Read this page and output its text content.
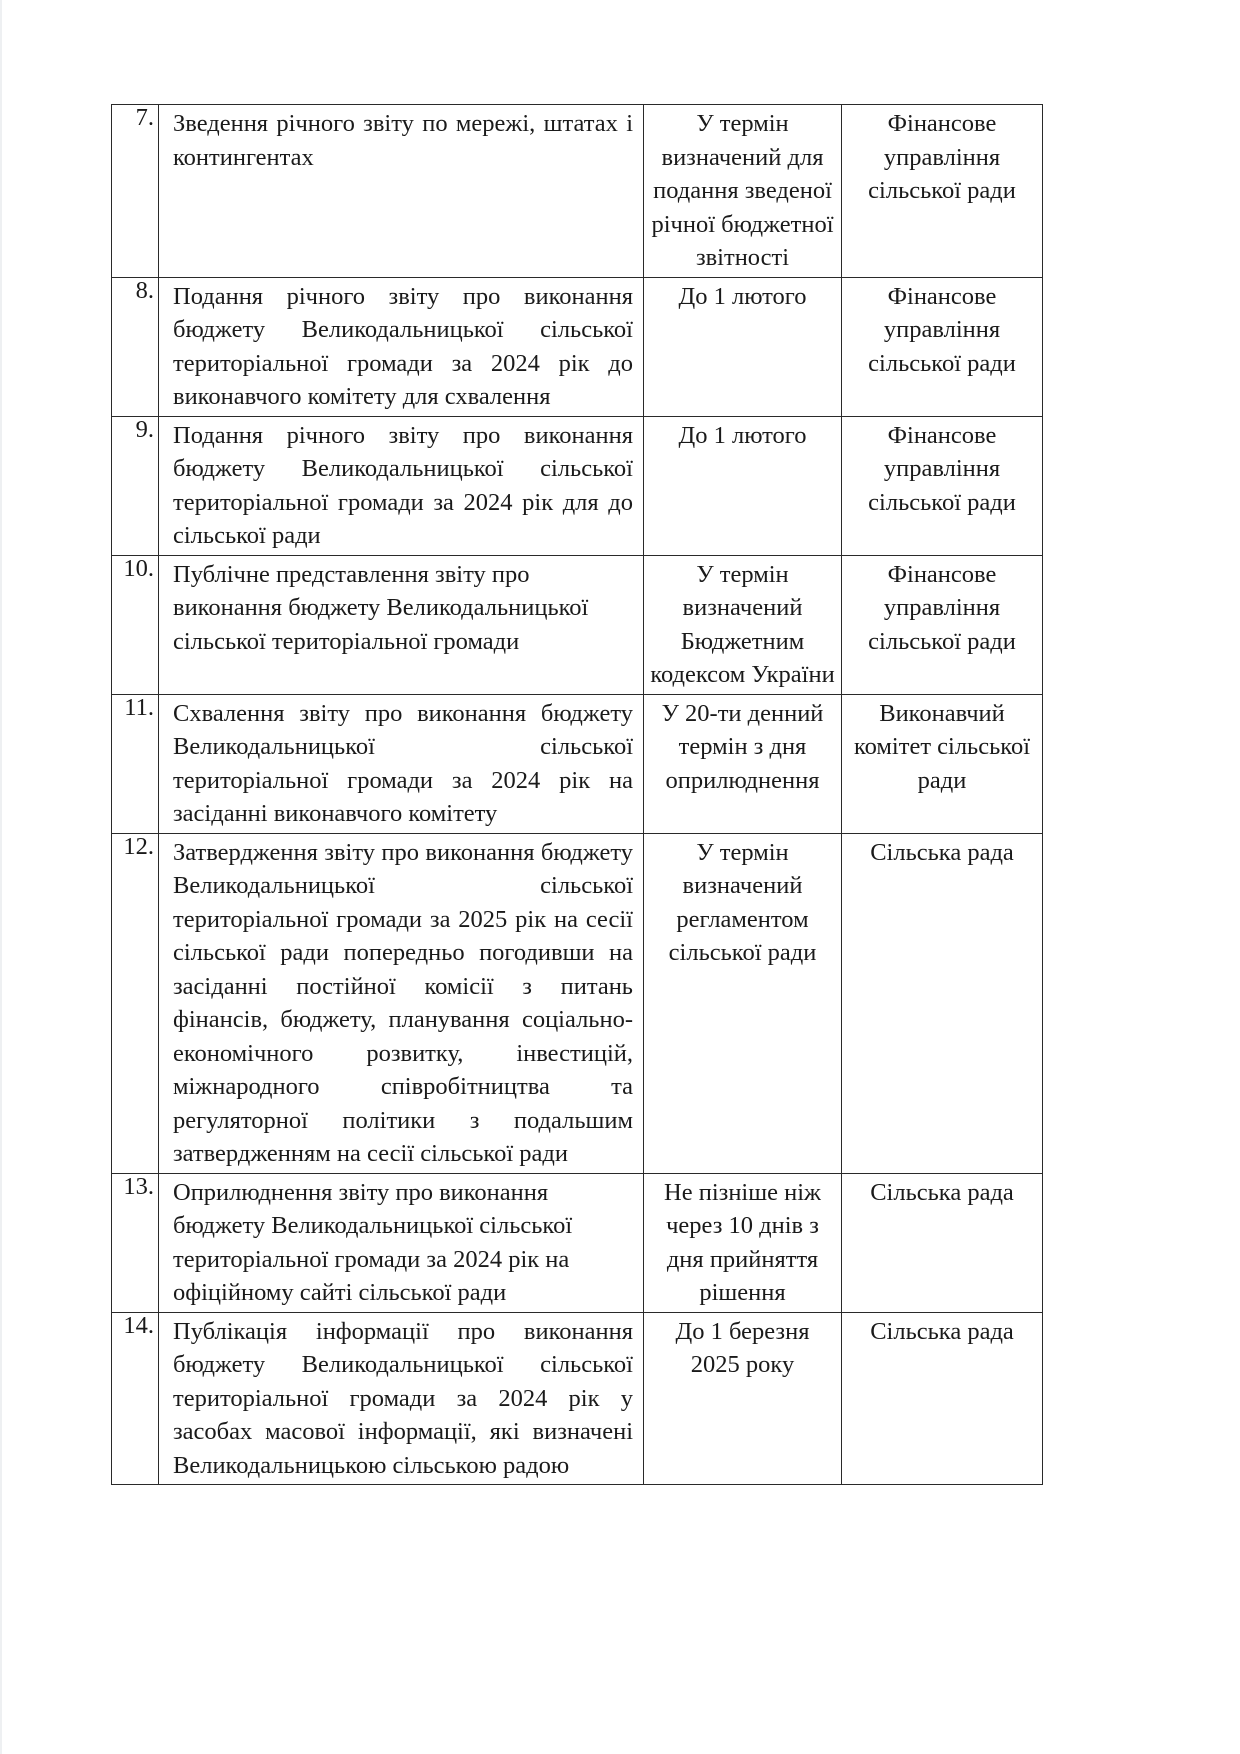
7.	Зведення річного звіту по мережі, штатах і контингентах	У термін визначений для подання зведеної річної бюджетної звітності	Фінансове управління сільської ради
8.	Подання річного звіту про виконання бюджету Великодальницької сільської територіальної громади за 2024 рік до виконавчого комітету для схвалення	До 1 лютого	Фінансове управління сільської ради
9.	Подання річного звіту про виконання бюджету Великодальницької сільської територіальної громади за 2024 рік для до сільської ради	До 1 лютого	Фінансове управління сільської ради
10.	Публічне представлення звіту про виконання бюджету Великодальницької сільської територіальної громади	У термін визначений Бюджетним кодексом України	Фінансове управління сільської ради
11.	Схвалення звіту про виконання бюджету Великодальницької сільської територіальної громади за 2024 рік на засіданні виконавчого комітету	У 20-ти денний термін з дня оприлюднення	Виконавчий комітет сільської ради
12.	Затвердження звіту про виконання бюджету Великодальницької сільської територіальної громади за 2025 рік на сесії сільської ради попередньо погодивши на засіданні постійної комісії з питань фінансів, бюджету, планування соціально-економічного розвитку, інвестицій, міжнародного співробітництва та регуляторної політики з подальшим затвердженням на сесії сільської ради	У термін визначений регламентом сільської ради	Сільська рада
13.	Оприлюднення звіту про виконання бюджету Великодальницької сільської територіальної громади за 2024 рік на офіційному сайті сільської ради	Не пізніше ніж через 10 днів з дня прийняття рішення	Сільська рада
14.	Публікація інформації про виконання бюджету Великодальницької сільської територіальної громади за 2024 рік у засобах масової інформації, які визначені Великодальницькою сільською радою	До 1 березня 2025 року	Сільська рада
